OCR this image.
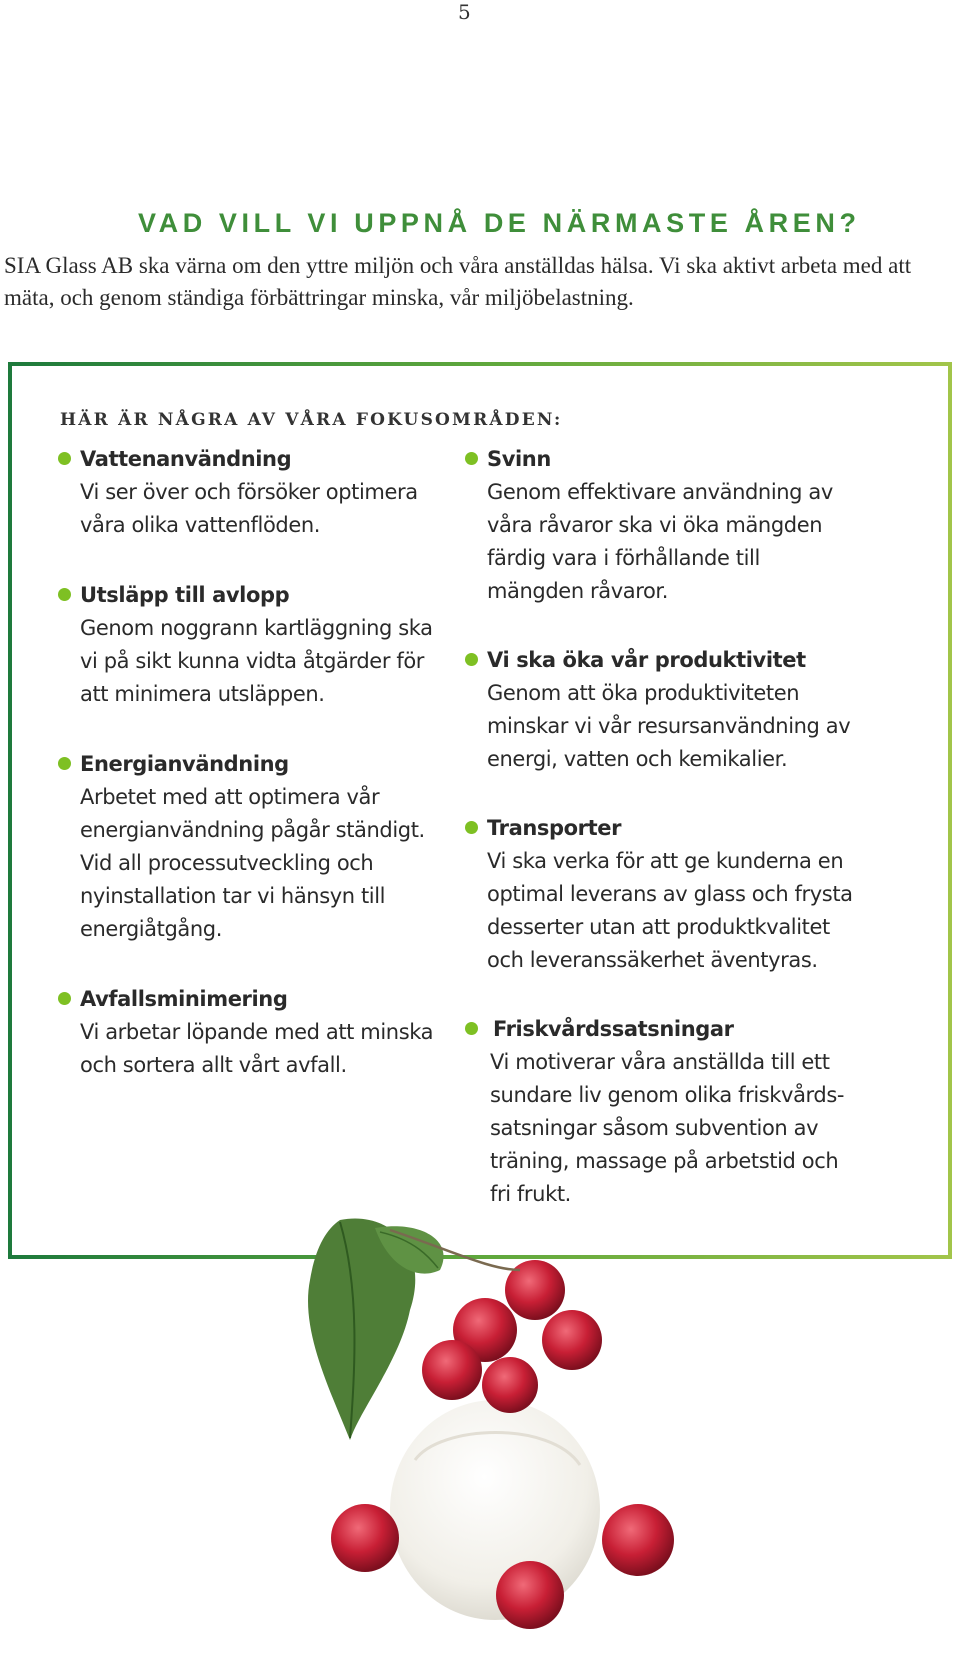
5
VAD VILL VI UPPNÅ DE NÄRMASTE ÅREN?

SIA Glass AB ska värna om den yttre miljön och våra anställdas hälsa. Vi ska aktivt arbeta med att mäta, och genom ständiga förbättringar minska, vår miljöbelastning.

HÄR ÄR NÅGRA AV VÅRA FOKUSOMRÅDEN:

Vattenanvändning

Vi ser över och försöker optimera våra olika vattenflöden.

Utsläpp till avlopp

Genom noggrann kartläggning ska vi på sikt kunna vidta åtgärder för att minimera utsläppen.

Energianvändning

Arbetet med att optimera vår energianvändning pågår ständigt. Vid all processutveckling och nyinstallation tar vi hänsyn till energiåtgång.

Avfallsminimering

Vi arbetar löpande med att minska och sortera allt vårt avfall.

Svinn

Genom effektivare användning av våra råvaror ska vi öka mängden färdig vara i förhållande till mängden råvaror.

Vi ska öka vår produktivitet

Genom att öka produktiviteten minskar vi vår resursanvändning av energi, vatten och kemikalier.

Transporter

Vi ska verka för att ge kunderna en optimal leverans av glass och frysta desserter utan att produktkvalitet och leveranssäkerhet äventyras.

Friskvårdssatsningar

Vi motiverar våra anställda till ett sundare liv genom olika friskvårds-satsningar såsom subvention av träning, massage på arbetstid och fri frukt.
